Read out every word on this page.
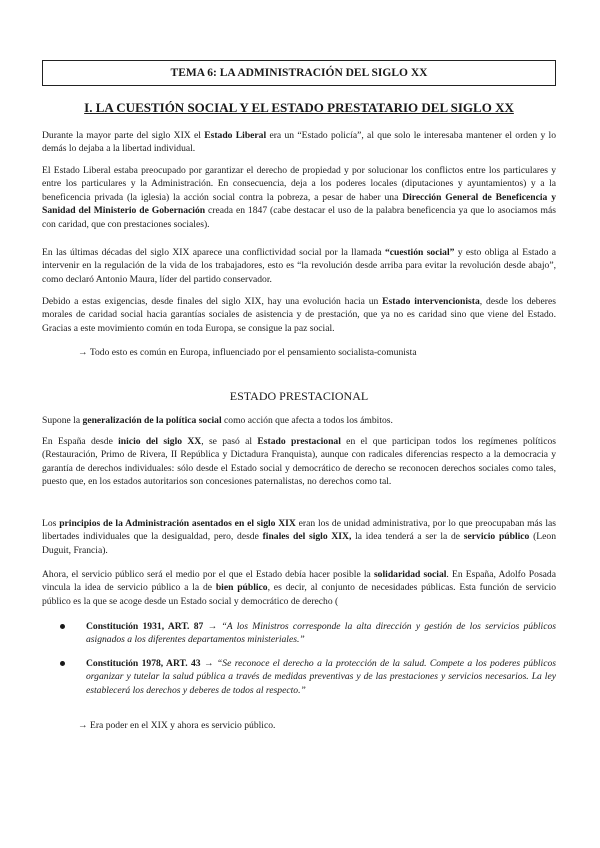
TEMA 6: LA ADMINISTRACIÓN DEL SIGLO XX
I. LA CUESTIÓN SOCIAL Y EL ESTADO PRESTATARIO DEL SIGLO XX

Durante la mayor parte del siglo XIX el Estado Liberal era un “Estado policía”, al que solo le interesaba mantener el orden y lo demás lo dejaba a la libertad individual.

El Estado Liberal estaba preocupado por garantizar el derecho de propiedad y por solucionar los conflictos entre los particulares y entre los particulares y la Administración. En consecuencia, deja a los poderes locales (diputaciones y ayuntamientos) y a la beneficencia privada (la iglesia) la acción social contra la pobreza, a pesar de haber una Dirección General de Beneficencia y Sanidad del Ministerio de Gobernación creada en 1847 (cabe destacar el uso de la palabra beneficencia ya que lo asociamos más con caridad, que con prestaciones sociales).

En las últimas décadas del siglo XIX aparece una conflictividad social por la llamada “cuestión social” y esto obliga al Estado a intervenir en la regulación de la vida de los trabajadores, esto es “la revolución desde arriba para evitar la revolución desde abajo”, como declaró Antonio Maura, líder del partido conservador.

Debido a estas exigencias, desde finales del siglo XIX, hay una evolución hacia un Estado intervencionista, desde los deberes morales de caridad social hacia garantías sociales de asistencia y de prestación, que ya no es caridad sino que viene del Estado. Gracias a este movimiento común en toda Europa, se consigue la paz social.

→ Todo esto es común en Europa, influenciado por el pensamiento socialista-comunista
ESTADO PRESTACIONAL

Supone la generalización de la política social como acción que afecta a todos los ámbitos.

En España desde inicio del siglo XX, se pasó al Estado prestacional en el que participan todos los regímenes políticos (Restauración, Primo de Rivera, II República y Dictadura Franquista), aunque con radicales diferencias respecto a la democracia y garantía de derechos individuales: sólo desde el Estado social y democrático de derecho se reconocen derechos sociales como tales, puesto que, en los estados autoritarios son concesiones paternalistas, no derechos como tal.

Los principios de la Administración asentados en el siglo XIX eran los de unidad administrativa, por lo que preocupaban más las libertades individuales que la desigualdad, pero, desde finales del siglo XIX, la idea tenderá a ser la de servicio público (Leon Duguit, Francia).

Ahora, el servicio público será el medio por el que el Estado debía hacer posible la solidaridad social. En España, Adolfo Posada vincula la idea de servicio público a la de bien público, es decir, al conjunto de necesidades públicas. Esta función de servicio público es la que se acoge desde un Estado social y democrático de derecho (

Constitución 1931, ART. 87 → “A los Ministros corresponde la alta dirección y gestión de los servicios públicos asignados a los diferentes departamentos ministeriales.”
Constitución 1978, ART. 43 → “Se reconoce el derecho a la protección de la salud. Compete a los poderes públicos organizar y tutelar la salud pública a través de medidas preventivas y de las prestaciones y servicios necesarios. La ley establecerá los derechos y deberes de todos al respecto.”
→ Era poder en el XIX y ahora es servicio público.
